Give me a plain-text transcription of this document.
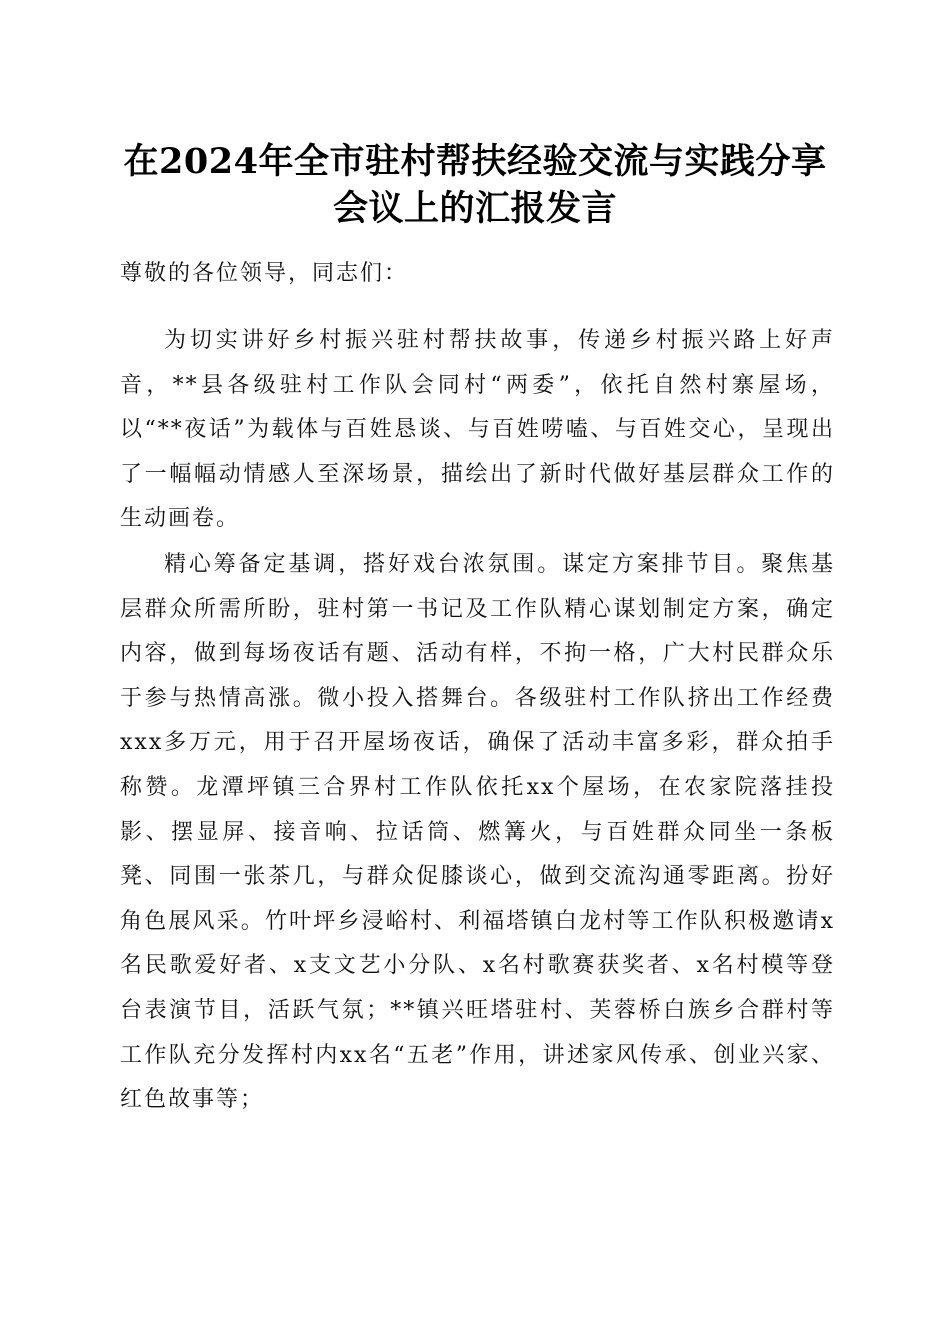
在2024年全市驻村帮扶经验交流与实践分享
会议上的汇报发言

尊敬的各位领导，同志们：

为切实讲好乡村振兴驻村帮扶故事，传递乡村振兴路上好声音，**县各级驻村工作队会同村“两委”，依托自然村寨屋场，以“**夜话”为载体与百姓恳谈、与百姓唠嗑、与百姓交心，呈现出了一幅幅动情感人至深场景，描绘出了新时代做好基层群众工作的生动画卷。

精心筹备定基调，搭好戏台浓氛围。谋定方案排节目。聚焦基层群众所需所盼，驻村第一书记及工作队精心谋划制定方案，确定内容，做到每场夜话有题、活动有样，不拘一格，广大村民群众乐于参与热情高涨。微小投入搭舞台。各级驻村工作队挤出工作经费xxx多万元，用于召开屋场夜话，确保了活动丰富多彩，群众拍手称赞。龙潭坪镇三合界村工作队依托xx个屋场，在农家院落挂投影、摆显屏、接音响、拉话筒、燃篝火，与百姓群众同坐一条板凳、同围一张茶几，与群众促膝谈心，做到交流沟通零距离。扮好角色展风采。竹叶坪乡浸峪村、利福塔镇白龙村等工作队积极邀请x名民歌爱好者、x支文艺小分队、x名村歌赛获奖者、x名村模等登台表演节目，活跃气氛；**镇兴旺塔驻村、芙蓉桥白族乡合群村等工作队充分发挥村内xx名“五老”作用，讲述家风传承、创业兴家、红色故事等；
